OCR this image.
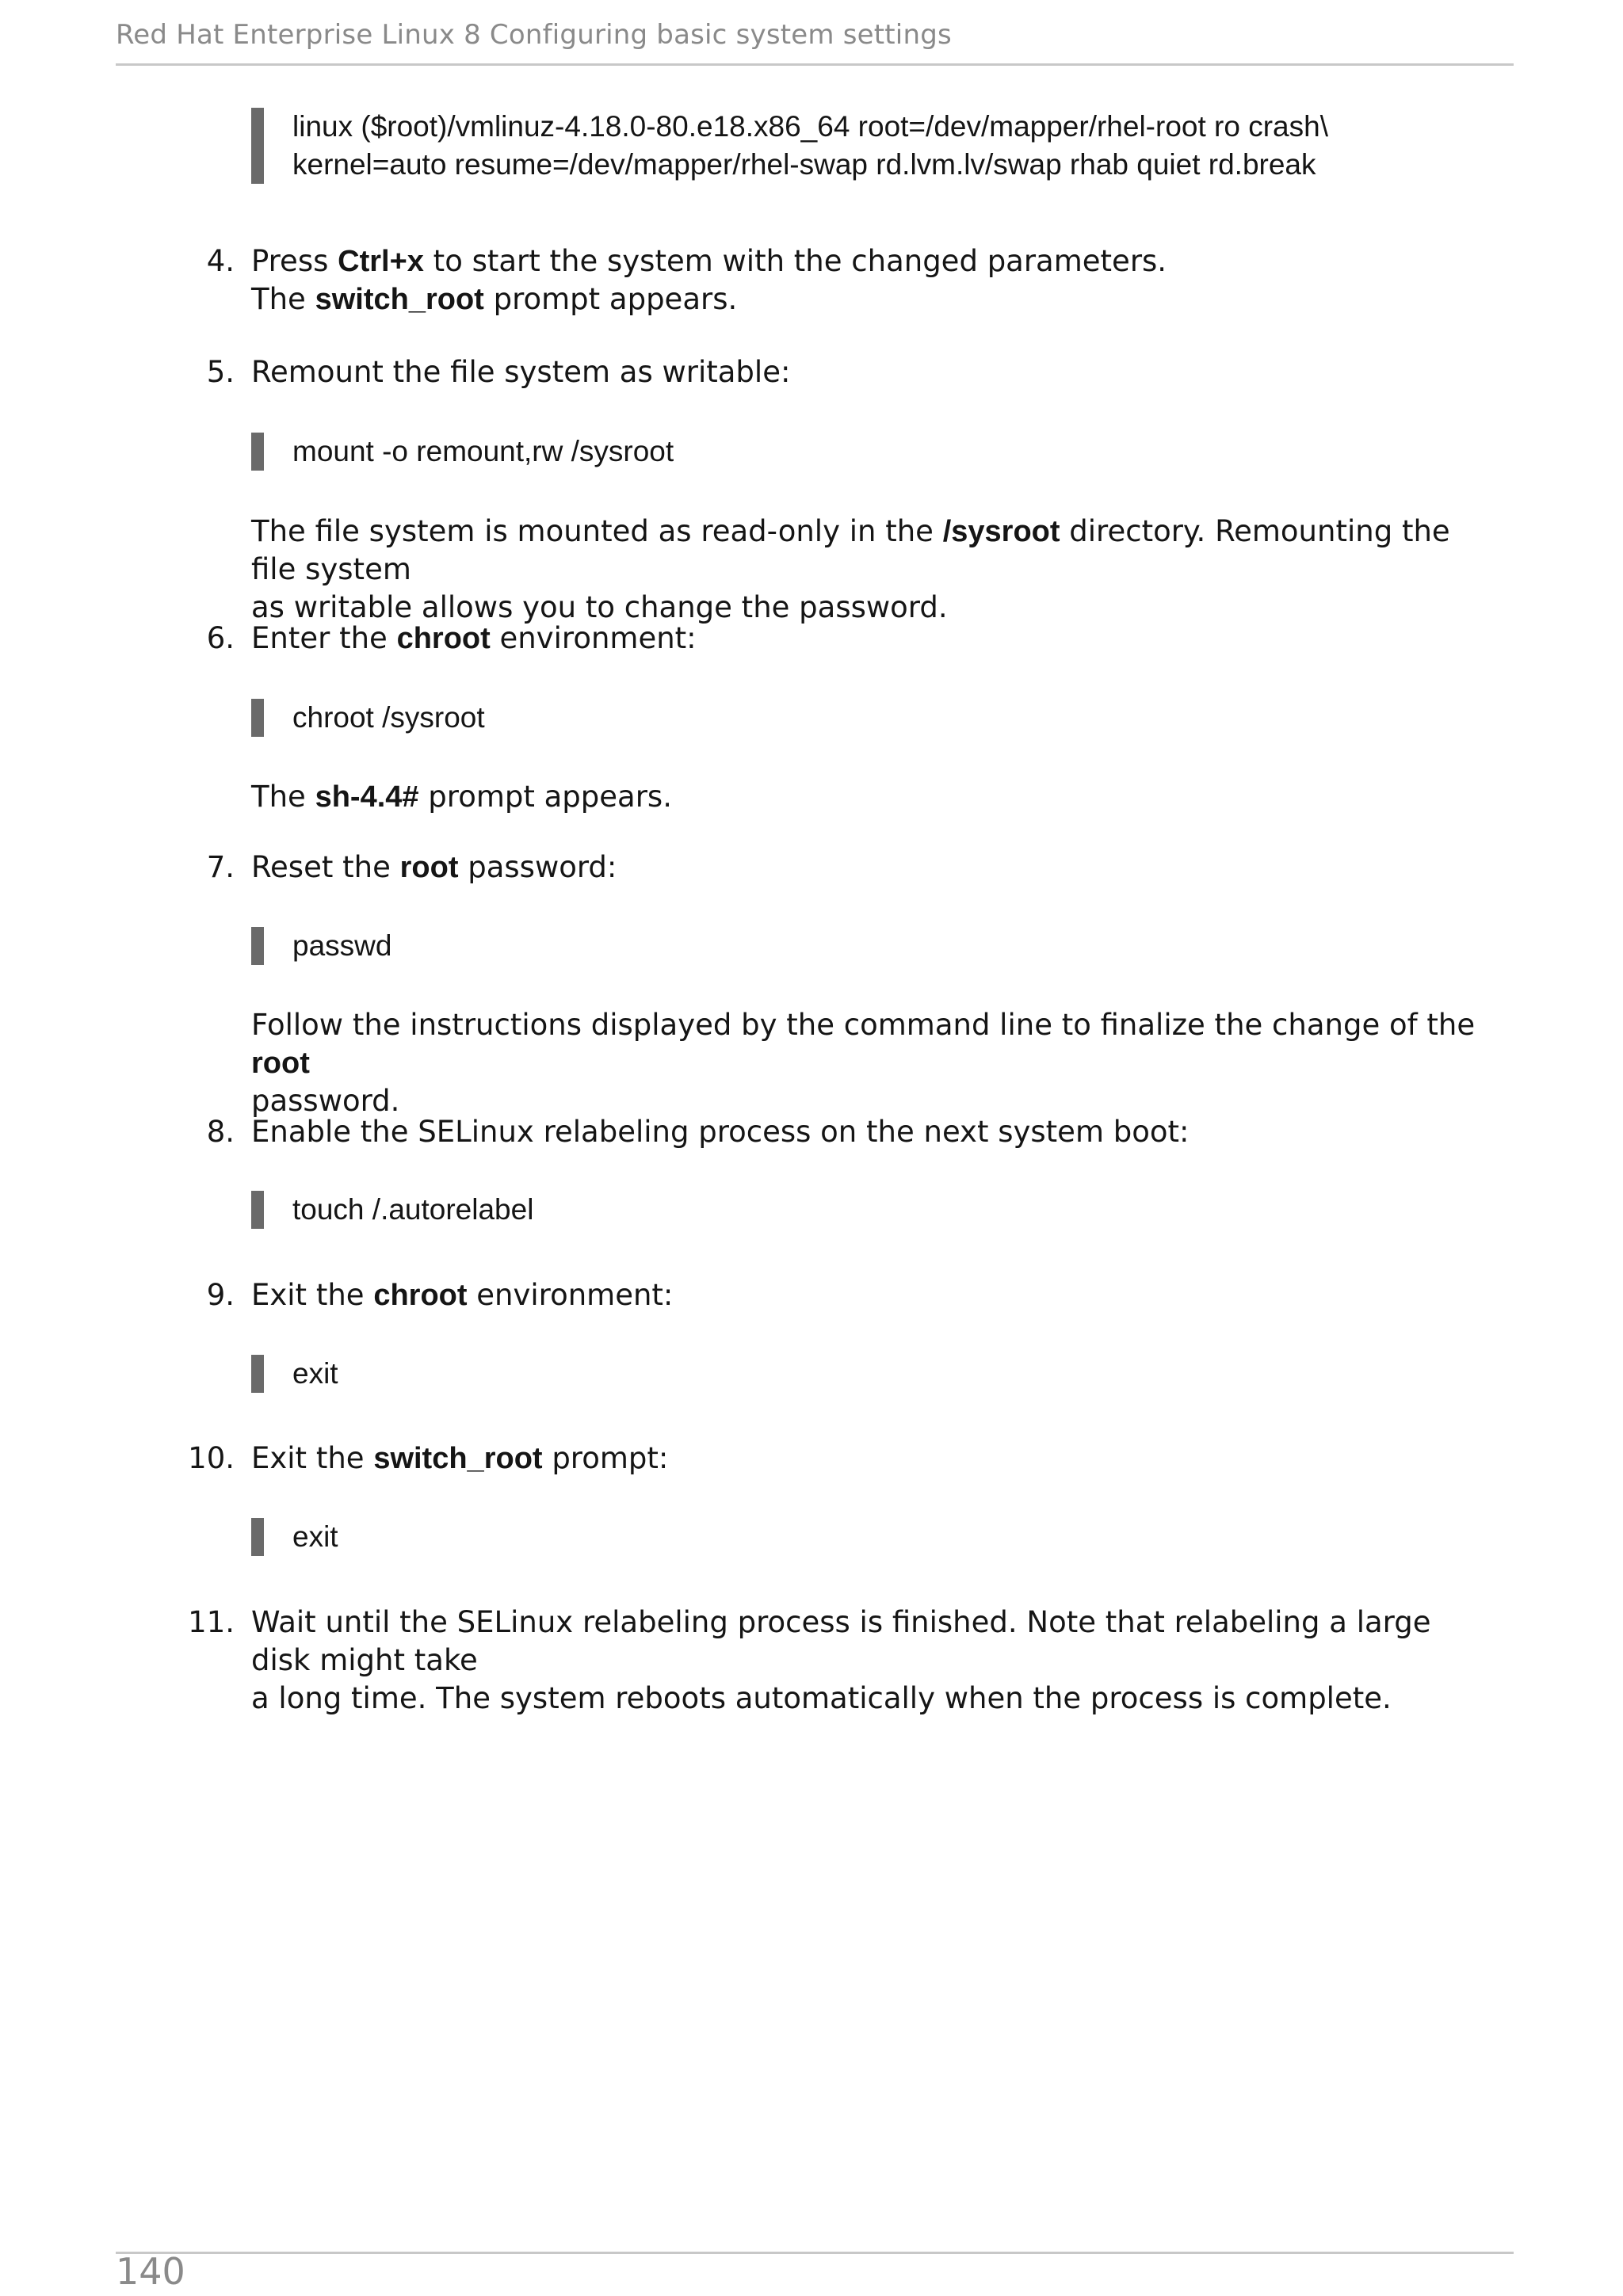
Red Hat Enterprise Linux 8 Configuring basic system settings
linux ($root)/vmlinuz-4.18.0-80.e18.x86_64 root=/dev/mapper/rhel-root ro crash\
kernel=auto resume=/dev/mapper/rhel-swap rd.lvm.lv/swap rhab quiet rd.break
4. Press Ctrl+x to start the system with the changed parameters.
The switch_root prompt appears.
5. Remount the file system as writable:
mount -o remount,rw /sysroot
The file system is mounted as read-only in the /sysroot directory. Remounting the file system
as writable allows you to change the password.
6. Enter the chroot environment:
chroot /sysroot
The sh-4.4# prompt appears.
7. Reset the root password:
passwd
Follow the instructions displayed by the command line to finalize the change of the root
password.
8. Enable the SELinux relabeling process on the next system boot:
touch /.autorelabel
9. Exit the chroot environment:
exit
10. Exit the switch_root prompt:
exit
11. Wait until the SELinux relabeling process is finished. Note that relabeling a large disk might take
a long time. The system reboots automatically when the process is complete.
140
